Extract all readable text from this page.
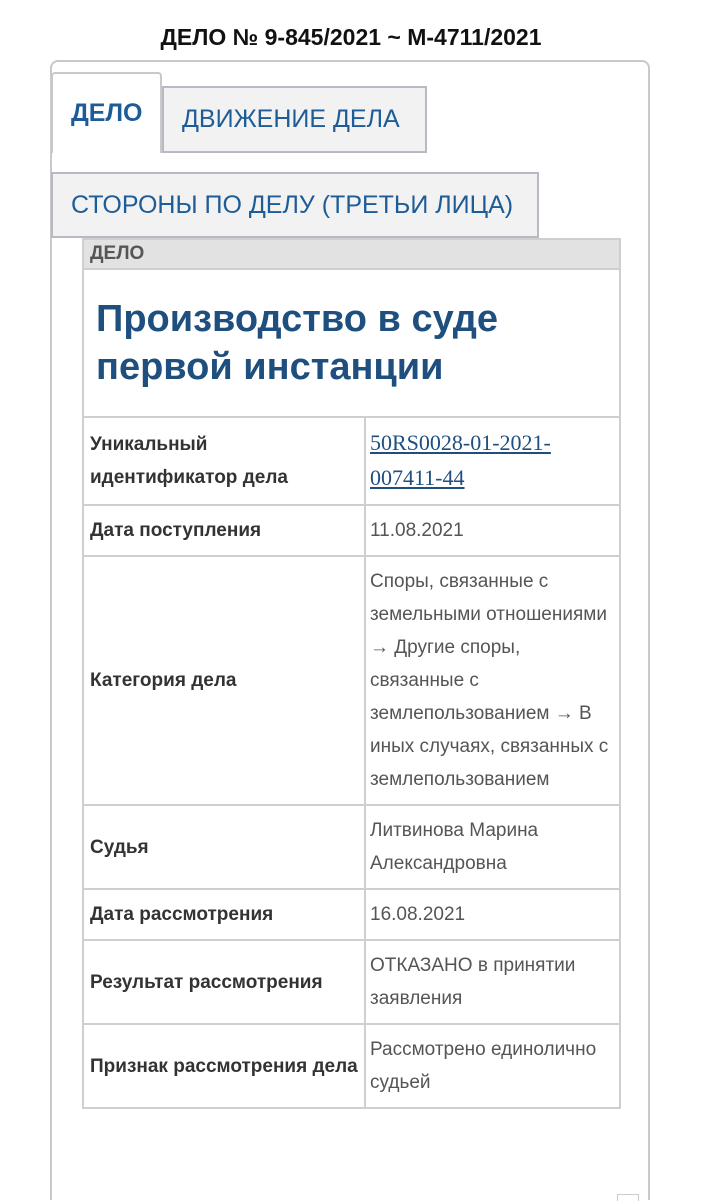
ДЕЛО № 9-845/2021 ~ М-4711/2021
ДЕЛО	ДВИЖЕНИЕ ДЕЛА
СТОРОНЫ ПО ДЕЛУ (ТРЕТЬИ ЛИЦА)
ДЕЛО	
Производство в суде первой инстанции	
Уникальный идентификатор дела	50RS0028-01-2021-007411-44
Дата поступления	11.08.2021
Категория дела	Споры, связанные с земельными отношениями → Другие споры, связанные с землепользованием → В иных случаях, связанных с землепользованием
Судья	Литвинова Марина Александровна
Дата рассмотрения	16.08.2021
Результат рассмотрения	ОТКАЗАНО в принятии заявления
Признак рассмотрения дела	Рассмотрено единолично судьей
